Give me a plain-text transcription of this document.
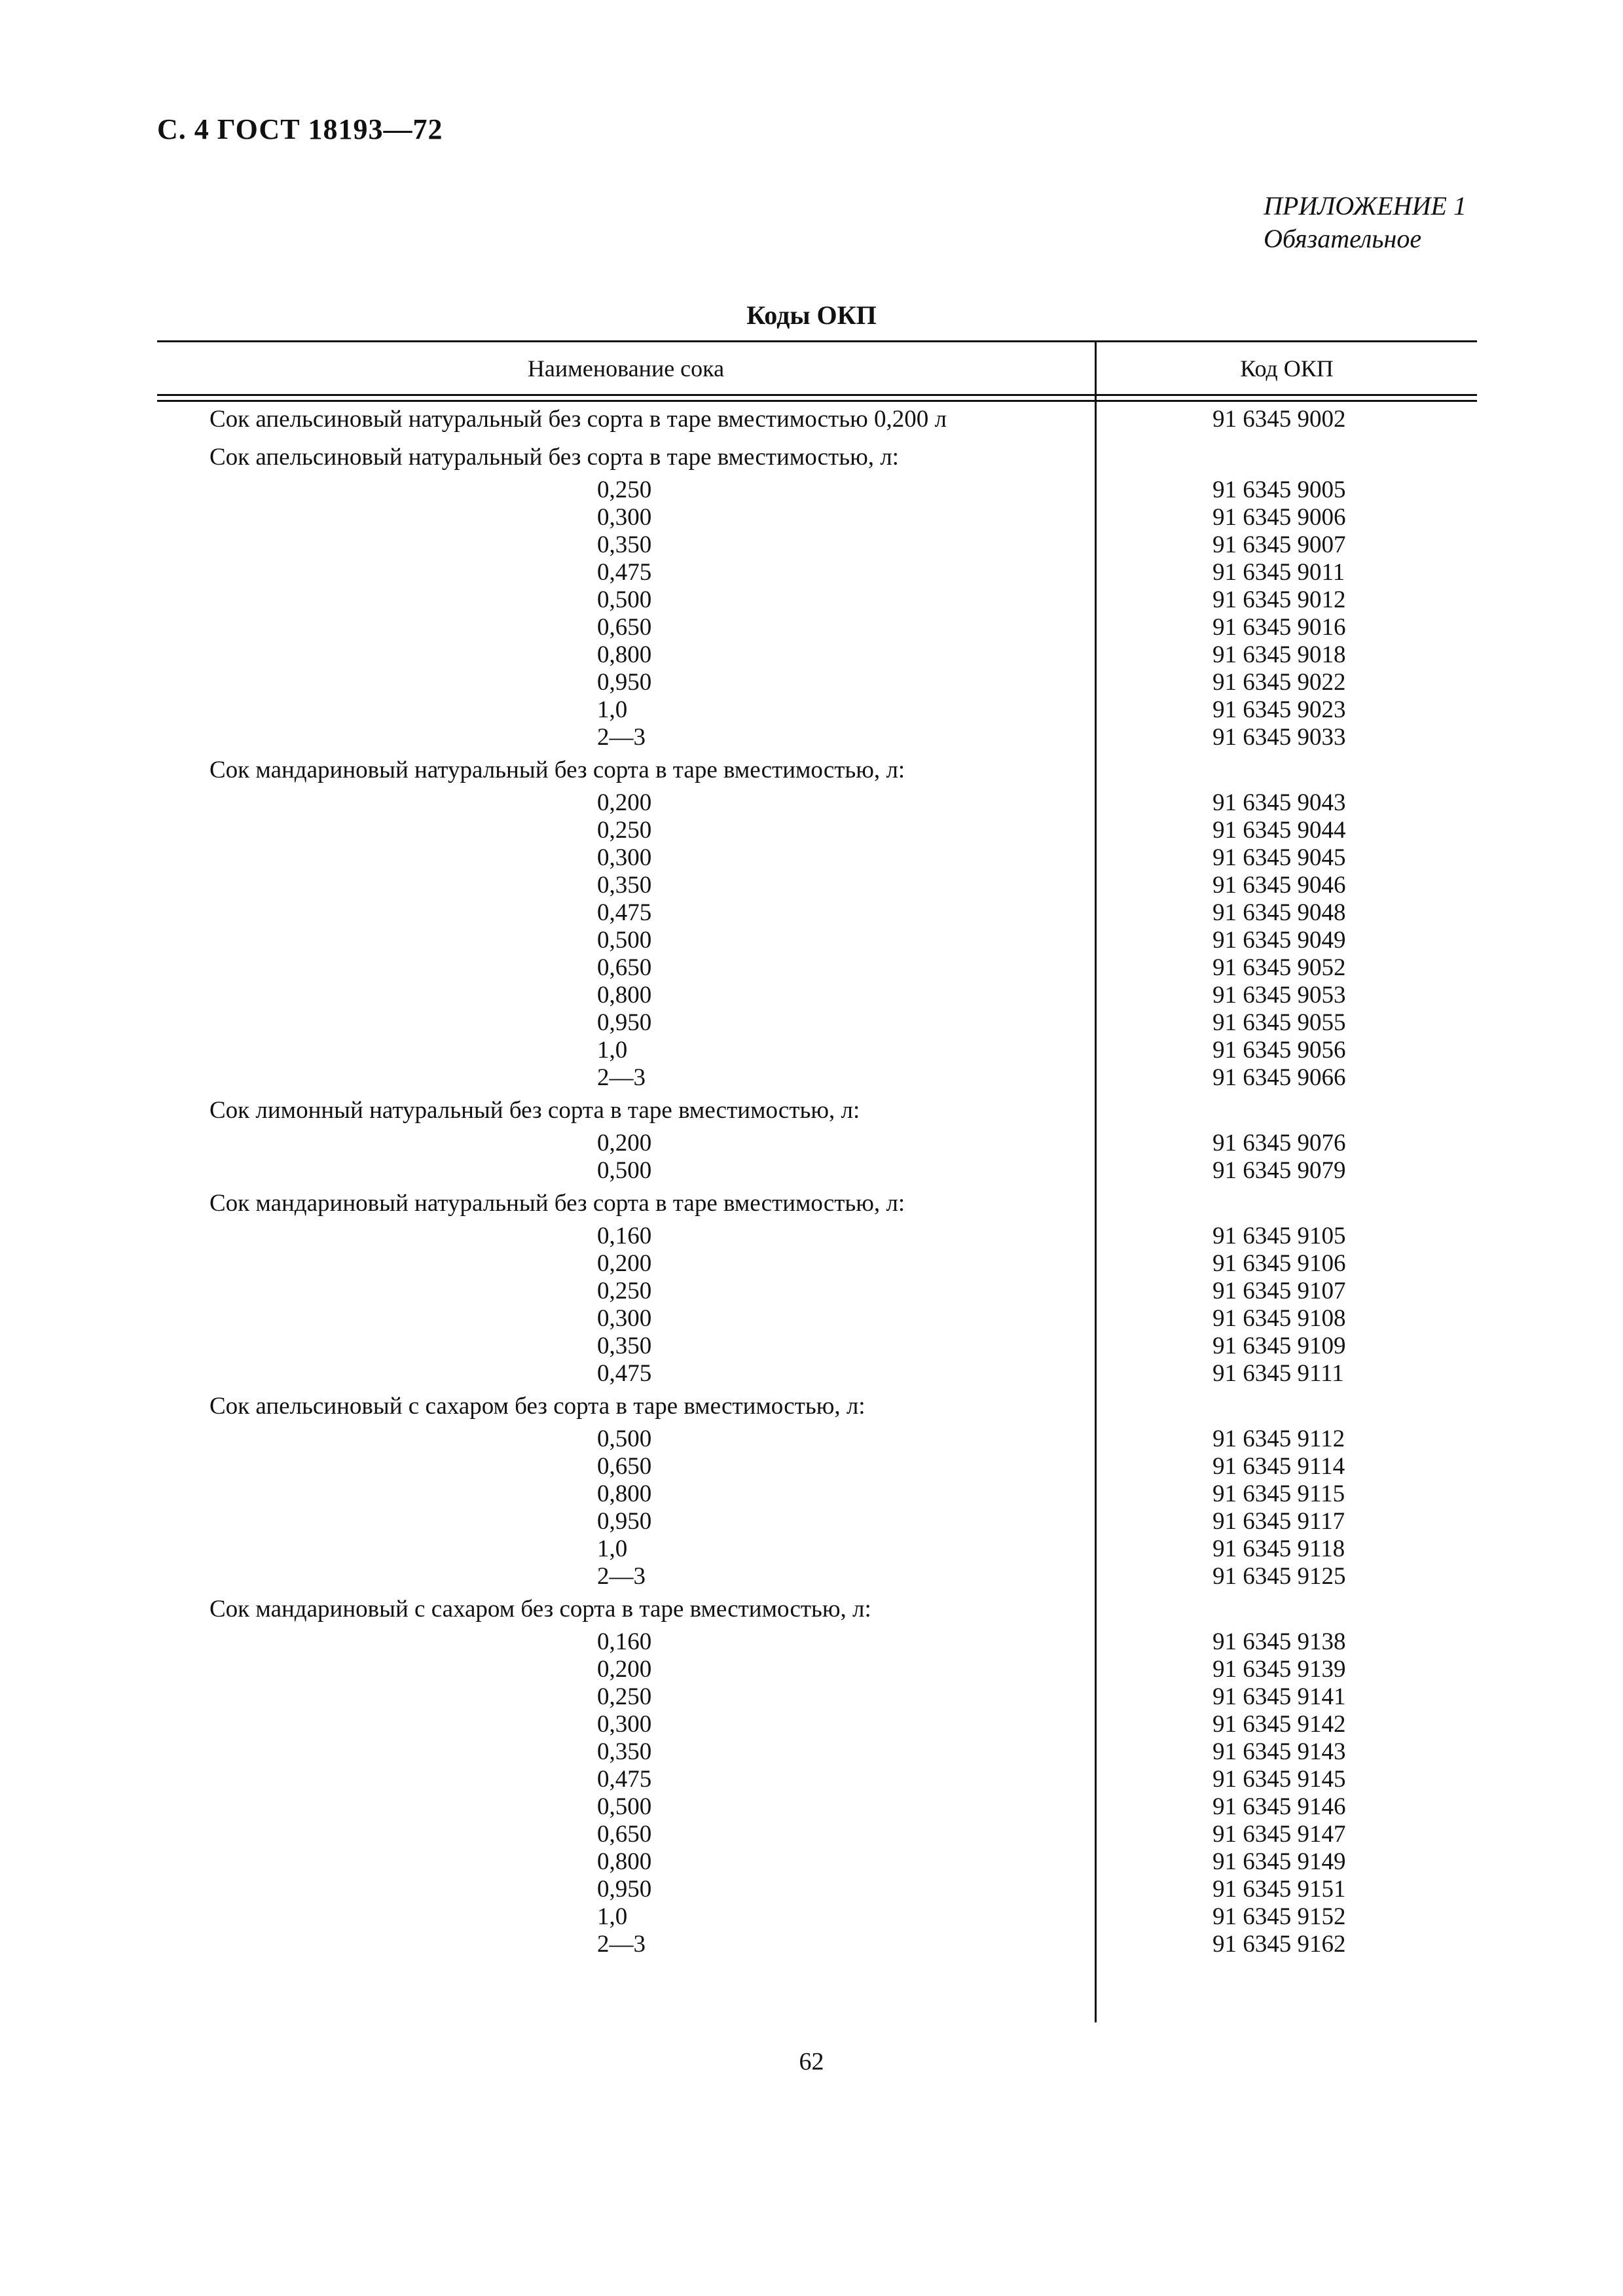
С. 4 ГОСТ 18193—72
ПРИЛОЖЕНИЕ 1
Обязательное
Коды ОКП
Наименование сока	Код ОКП
Сок апельсиновый натуральный без сорта в таре вместимостью 0,200 л	91 6345 9002
Сок апельсиновый натуральный без сорта в таре вместимостью, л:
0,250	91 6345 9005
0,300	91 6345 9006
0,350	91 6345 9007
0,475	91 6345 9011
0,500	91 6345 9012
0,650	91 6345 9016
0,800	91 6345 9018
0,950	91 6345 9022
1,0	91 6345 9023
2—3	91 6345 9033
Сок мандариновый натуральный без сорта в таре вместимостью, л:
0,200	91 6345 9043
0,250	91 6345 9044
0,300	91 6345 9045
0,350	91 6345 9046
0,475	91 6345 9048
0,500	91 6345 9049
0,650	91 6345 9052
0,800	91 6345 9053
0,950	91 6345 9055
1,0	91 6345 9056
2—3	91 6345 9066
Сок лимонный натуральный без сорта в таре вместимостью, л:
0,200	91 6345 9076
0,500	91 6345 9079
Сок мандариновый натуральный без сорта в таре вместимостью, л:
0,160	91 6345 9105
0,200	91 6345 9106
0,250	91 6345 9107
0,300	91 6345 9108
0,350	91 6345 9109
0,475	91 6345 9111
Сок апельсиновый с сахаром без сорта в таре вместимостью, л:
0,500	91 6345 9112
0,650	91 6345 9114
0,800	91 6345 9115
0,950	91 6345 9117
1,0	91 6345 9118
2—3	91 6345 9125
Сок мандариновый с сахаром без сорта в таре вместимостью, л:
0,160	91 6345 9138
0,200	91 6345 9139
0,250	91 6345 9141
0,300	91 6345 9142
0,350	91 6345 9143
0,475	91 6345 9145
0,500	91 6345 9146
0,650	91 6345 9147
0,800	91 6345 9149
0,950	91 6345 9151
1,0	91 6345 9152
2—3	91 6345 9162
62
